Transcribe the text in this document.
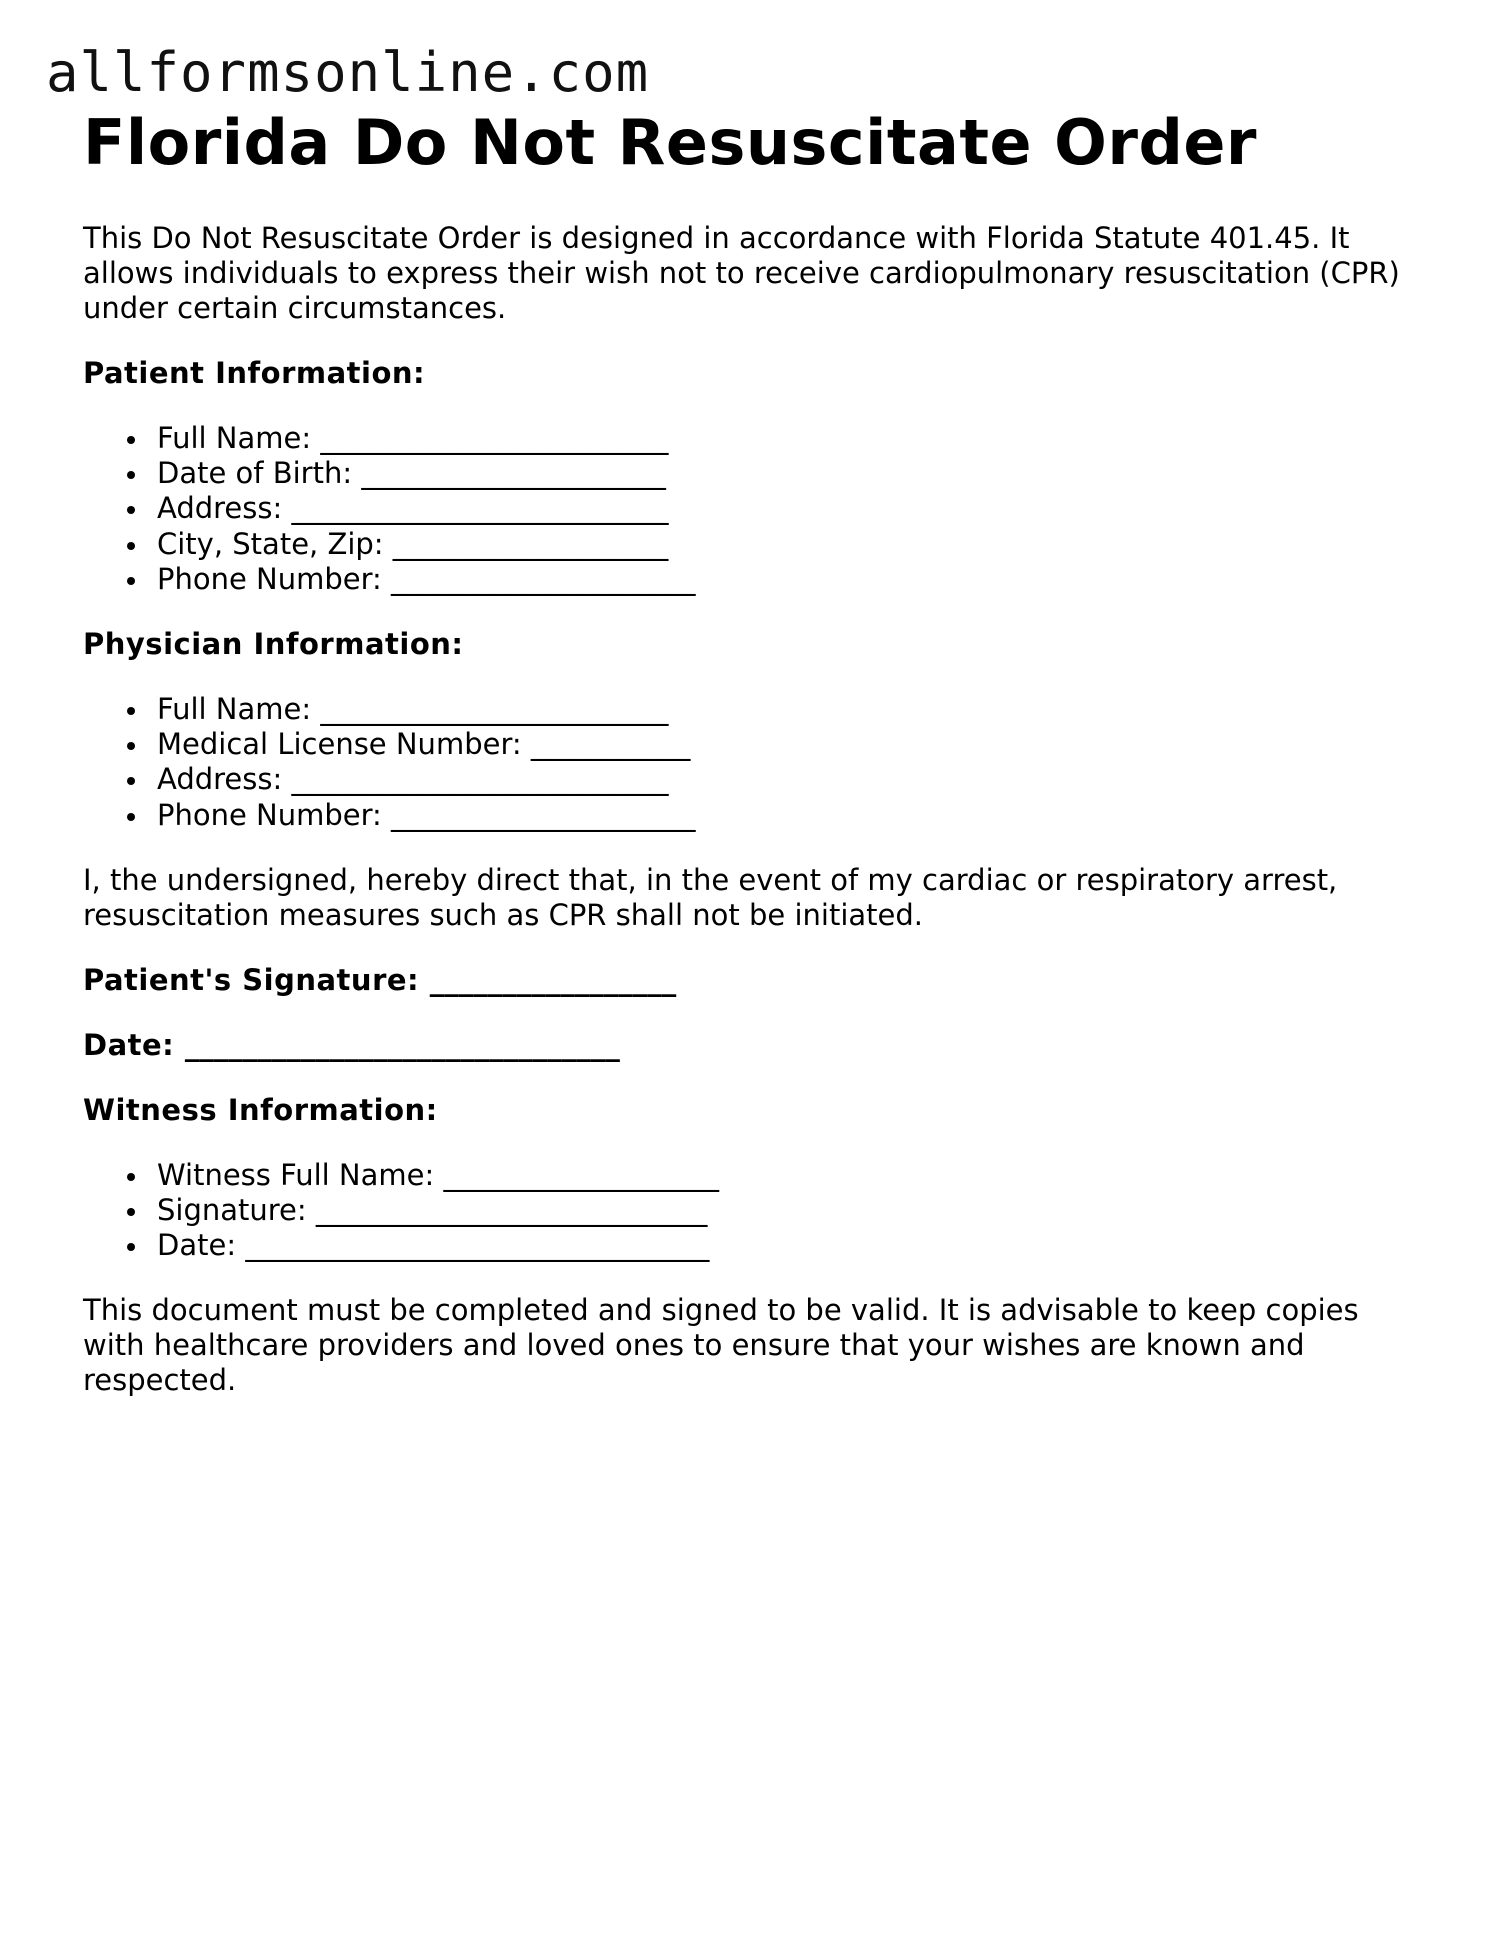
allformsonline.com
Florida Do Not Resuscitate Order

This Do Not Resuscitate Order is designed in accordance with Florida Statute 401.45. It allows individuals to express their wish not to receive cardiopulmonary resuscitation (CPR) under certain circumstances.

Patient Information:

Full Name: ________________________
Date of Birth: _____________________
Address: __________________________
City, State, Zip: ___________________
Phone Number: _____________________

Physician Information:

Full Name: ________________________
Medical License Number: ___________
Address: __________________________
Phone Number: _____________________

I, the undersigned, hereby direct that, in the event of my cardiac or respiratory arrest, resuscitation measures such as CPR shall not be initiated.

Patient's Signature: _________________

Date: ______________________________

Witness Information:

Witness Full Name: ___________________
Signature: ___________________________
Date: ________________________________

This document must be completed and signed to be valid. It is advisable to keep copies with healthcare providers and loved ones to ensure that your wishes are known and respected.
